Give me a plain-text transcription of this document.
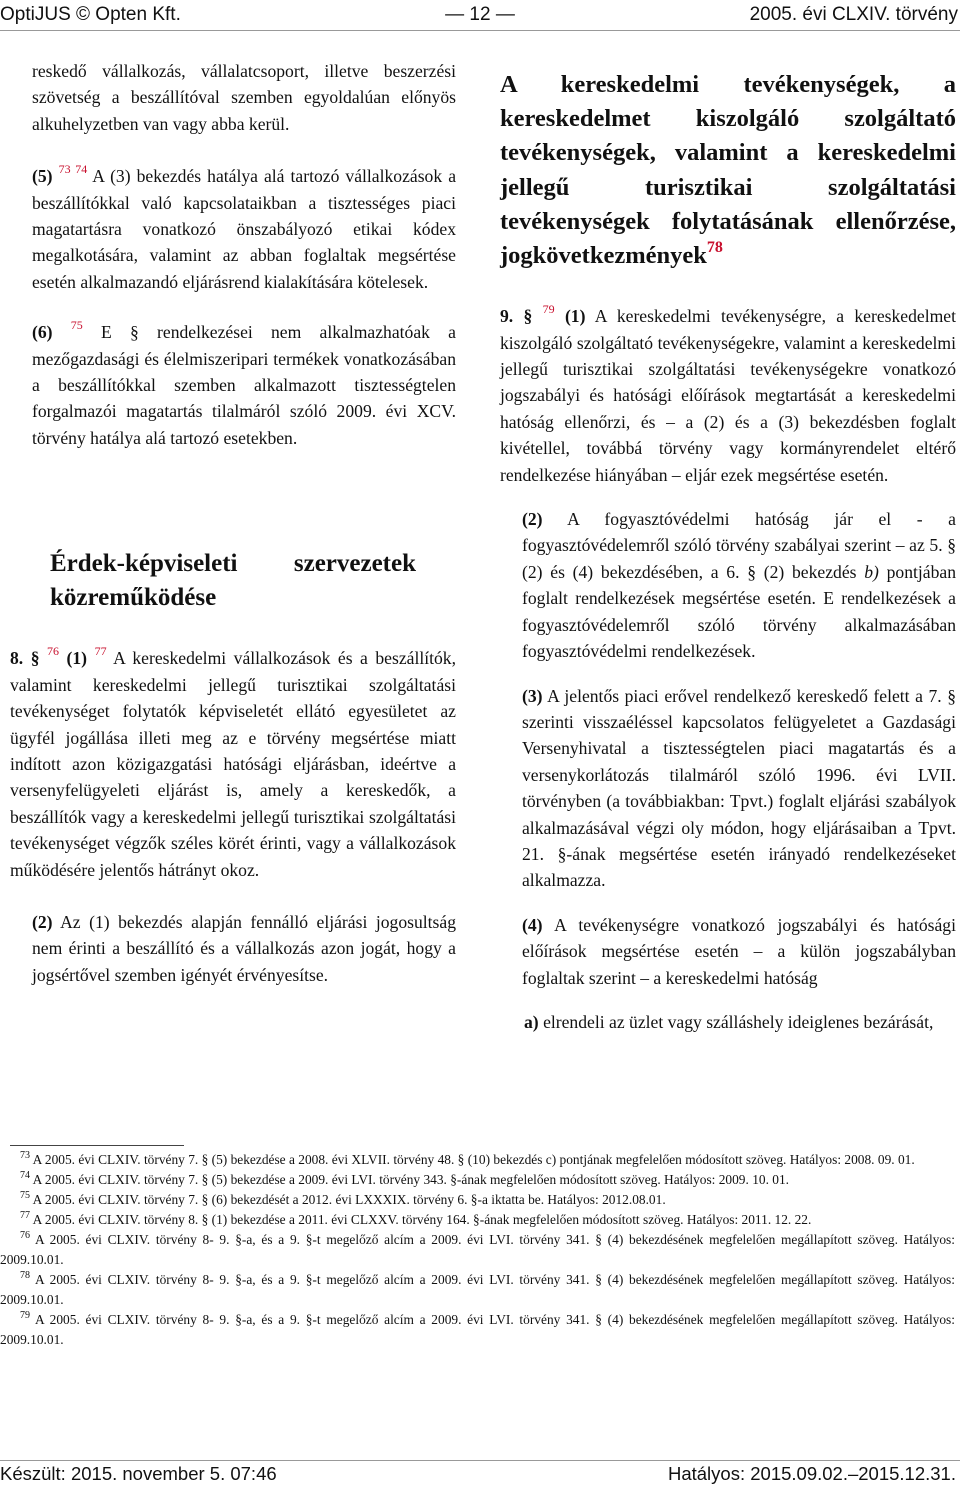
OptiJUS © Opten Kft.	— 12 —	2005. évi CLXIV. törvény

reskedő vállalkozás, vállalatcsoport, illetve beszerzési szövetség a beszállítóval szemben egyoldalúan előnyös alkuhelyzetben van vagy abba kerül.

(5) $^{73 74}$ A (3) bekezdés hatálya alá tartozó vállalkozások a beszállítókkal való kapcsolataikban a tisztességes piaci magatartásra vonatkozó önszabályozó etikai kódex megalkotására, valamint az abban foglaltak megsértése esetén alkalmazandó eljárásrend kialakítására kötelesek.

(6) $^{75}$ E § rendelkezései nem alkalmazhatóak a mezőgazdasági és élelmiszeripari termékek vonatkozásában a beszállítókkal szemben alkalmazott tisztességtelen forgalmazói magatartás tilalmáról szóló 2009. évi XCV. törvény hatálya alá tartozó esetekben.

Érdek-képviseleti szervezetek közreműködése

8. § $^{76}$ (1) $^{77}$ A kereskedelmi vállalkozások és a beszállítók, valamint kereskedelmi jellegű turisztikai szolgáltatási tevékenységet folytatók képviseletét ellátó egyesületet az ügyfél jogállása illeti meg az e törvény megsértése miatt indított azon közigazgatási hatósági eljárásban, ideértve a versenyfelügyeleti eljárást is, amely a kereskedők, a beszállítók vagy a kereskedelmi jellegű turisztikai szolgáltatási tevékenységet végzők széles körét érinti, vagy a vállalkozások működésére jelentős hátrányt okoz.

(2) Az (1) bekezdés alapján fennálló eljárási jogosultság nem érinti a beszállító és a vállalkozás azon jogát, hogy a jogsértővel szemben igényét érvényesítse.

A kereskedelmi tevékenységek, a kereskedelmet kiszolgáló szolgáltató tevékenységek, valamint a kereskedelmi jellegű turisztikai szolgáltatási tevékenységek folytatásának ellenőrzése, jogkövetkezmények$^{78}$

9. § $^{79}$ (1) A kereskedelmi tevékenységre, a kereskedelmet kiszolgáló szolgáltató tevékenységekre, valamint a kereskedelmi jellegű turisztikai szolgáltatási tevékenységekre vonatkozó jogszabályi és hatósági előírások megtartását a kereskedelmi hatóság ellenőrzi, és – a (2) és a (3) bekezdésben foglalt kivétellel, továbbá törvény vagy kormányrendelet eltérő rendelkezése hiányában – eljár ezek megsértése esetén.

(2) A fogyasztóvédelmi hatóság jár el - a fogyasztóvédelemről szóló törvény szabályai szerint – az 5. § (2) és (4) bekezdésében, a 6. § (2) bekezdés b) pontjában foglalt rendelkezések megsértése esetén. E rendelkezések a fogyasztóvédelemről szóló törvény alkalmazásában fogyasztóvédelmi rendelkezések.

(3) A jelentős piaci erővel rendelkező kereskedő felett a 7. § szerinti visszaéléssel kapcsolatos felügyeletet a Gazdasági Versenyhivatal a tisztességtelen piaci magatartás és a versenykorlátozás tilalmáról szóló 1996. évi LVII. törvényben (a továbbiakban: Tpvt.) foglalt eljárási szabályok alkalmazásával végzi oly módon, hogy eljárásaiban a Tpvt. 21. §-ának megsértése esetén irányadó rendelkezéseket alkalmazza.

(4) A tevékenységre vonatkozó jogszabályi és hatósági előírások megsértése esetén – a külön jogszabályban foglaltak szerint – a kereskedelmi hatóság

a) elrendeli az üzlet vagy szálláshely ideiglenes bezárását,

$^{73}$ A 2005. évi CLXIV. törvény 7. § (5) bekezdése a 2008. évi XLVII. törvény 48. § (10) bekezdés c) pontjának megfelelően módosított szöveg. Hatályos: 2008. 09. 01.

$^{74}$ A 2005. évi CLXIV. törvény 7. § (5) bekezdése a 2009. évi LVI. törvény 343. §-ának megfelelően módosított szöveg. Hatályos: 2009. 10. 01.

$^{75}$ A 2005. évi CLXIV. törvény 7. § (6) bekezdését a 2012. évi LXXXIX. törvény 6. §-a iktatta be. Hatályos: 2012.08.01.

$^{77}$ A 2005. évi CLXIV. törvény 8. § (1) bekezdése a 2011. évi CLXXV. törvény 164. §-ának megfelelően módosított szöveg. Hatályos: 2011. 12. 22.

$^{76}$ A 2005. évi CLXIV. törvény 8- 9. §-a, és a 9. §-t megelőző alcím a 2009. évi LVI. törvény 341. § (4) bekezdésének megfelelően megállapított szöveg. Hatályos: 2009.10.01.

$^{78}$ A 2005. évi CLXIV. törvény 8- 9. §-a, és a 9. §-t megelőző alcím a 2009. évi LVI. törvény 341. § (4) bekezdésének megfelelően megállapított szöveg. Hatályos: 2009.10.01.

$^{79}$ A 2005. évi CLXIV. törvény 8- 9. §-a, és a 9. §-t megelőző alcím a 2009. évi LVI. törvény 341. § (4) bekezdésének megfelelően megállapított szöveg. Hatályos: 2009.10.01.

Készült: 2015. november 5. 07:46	Hatályos: 2015.09.02.–2015.12.31.
